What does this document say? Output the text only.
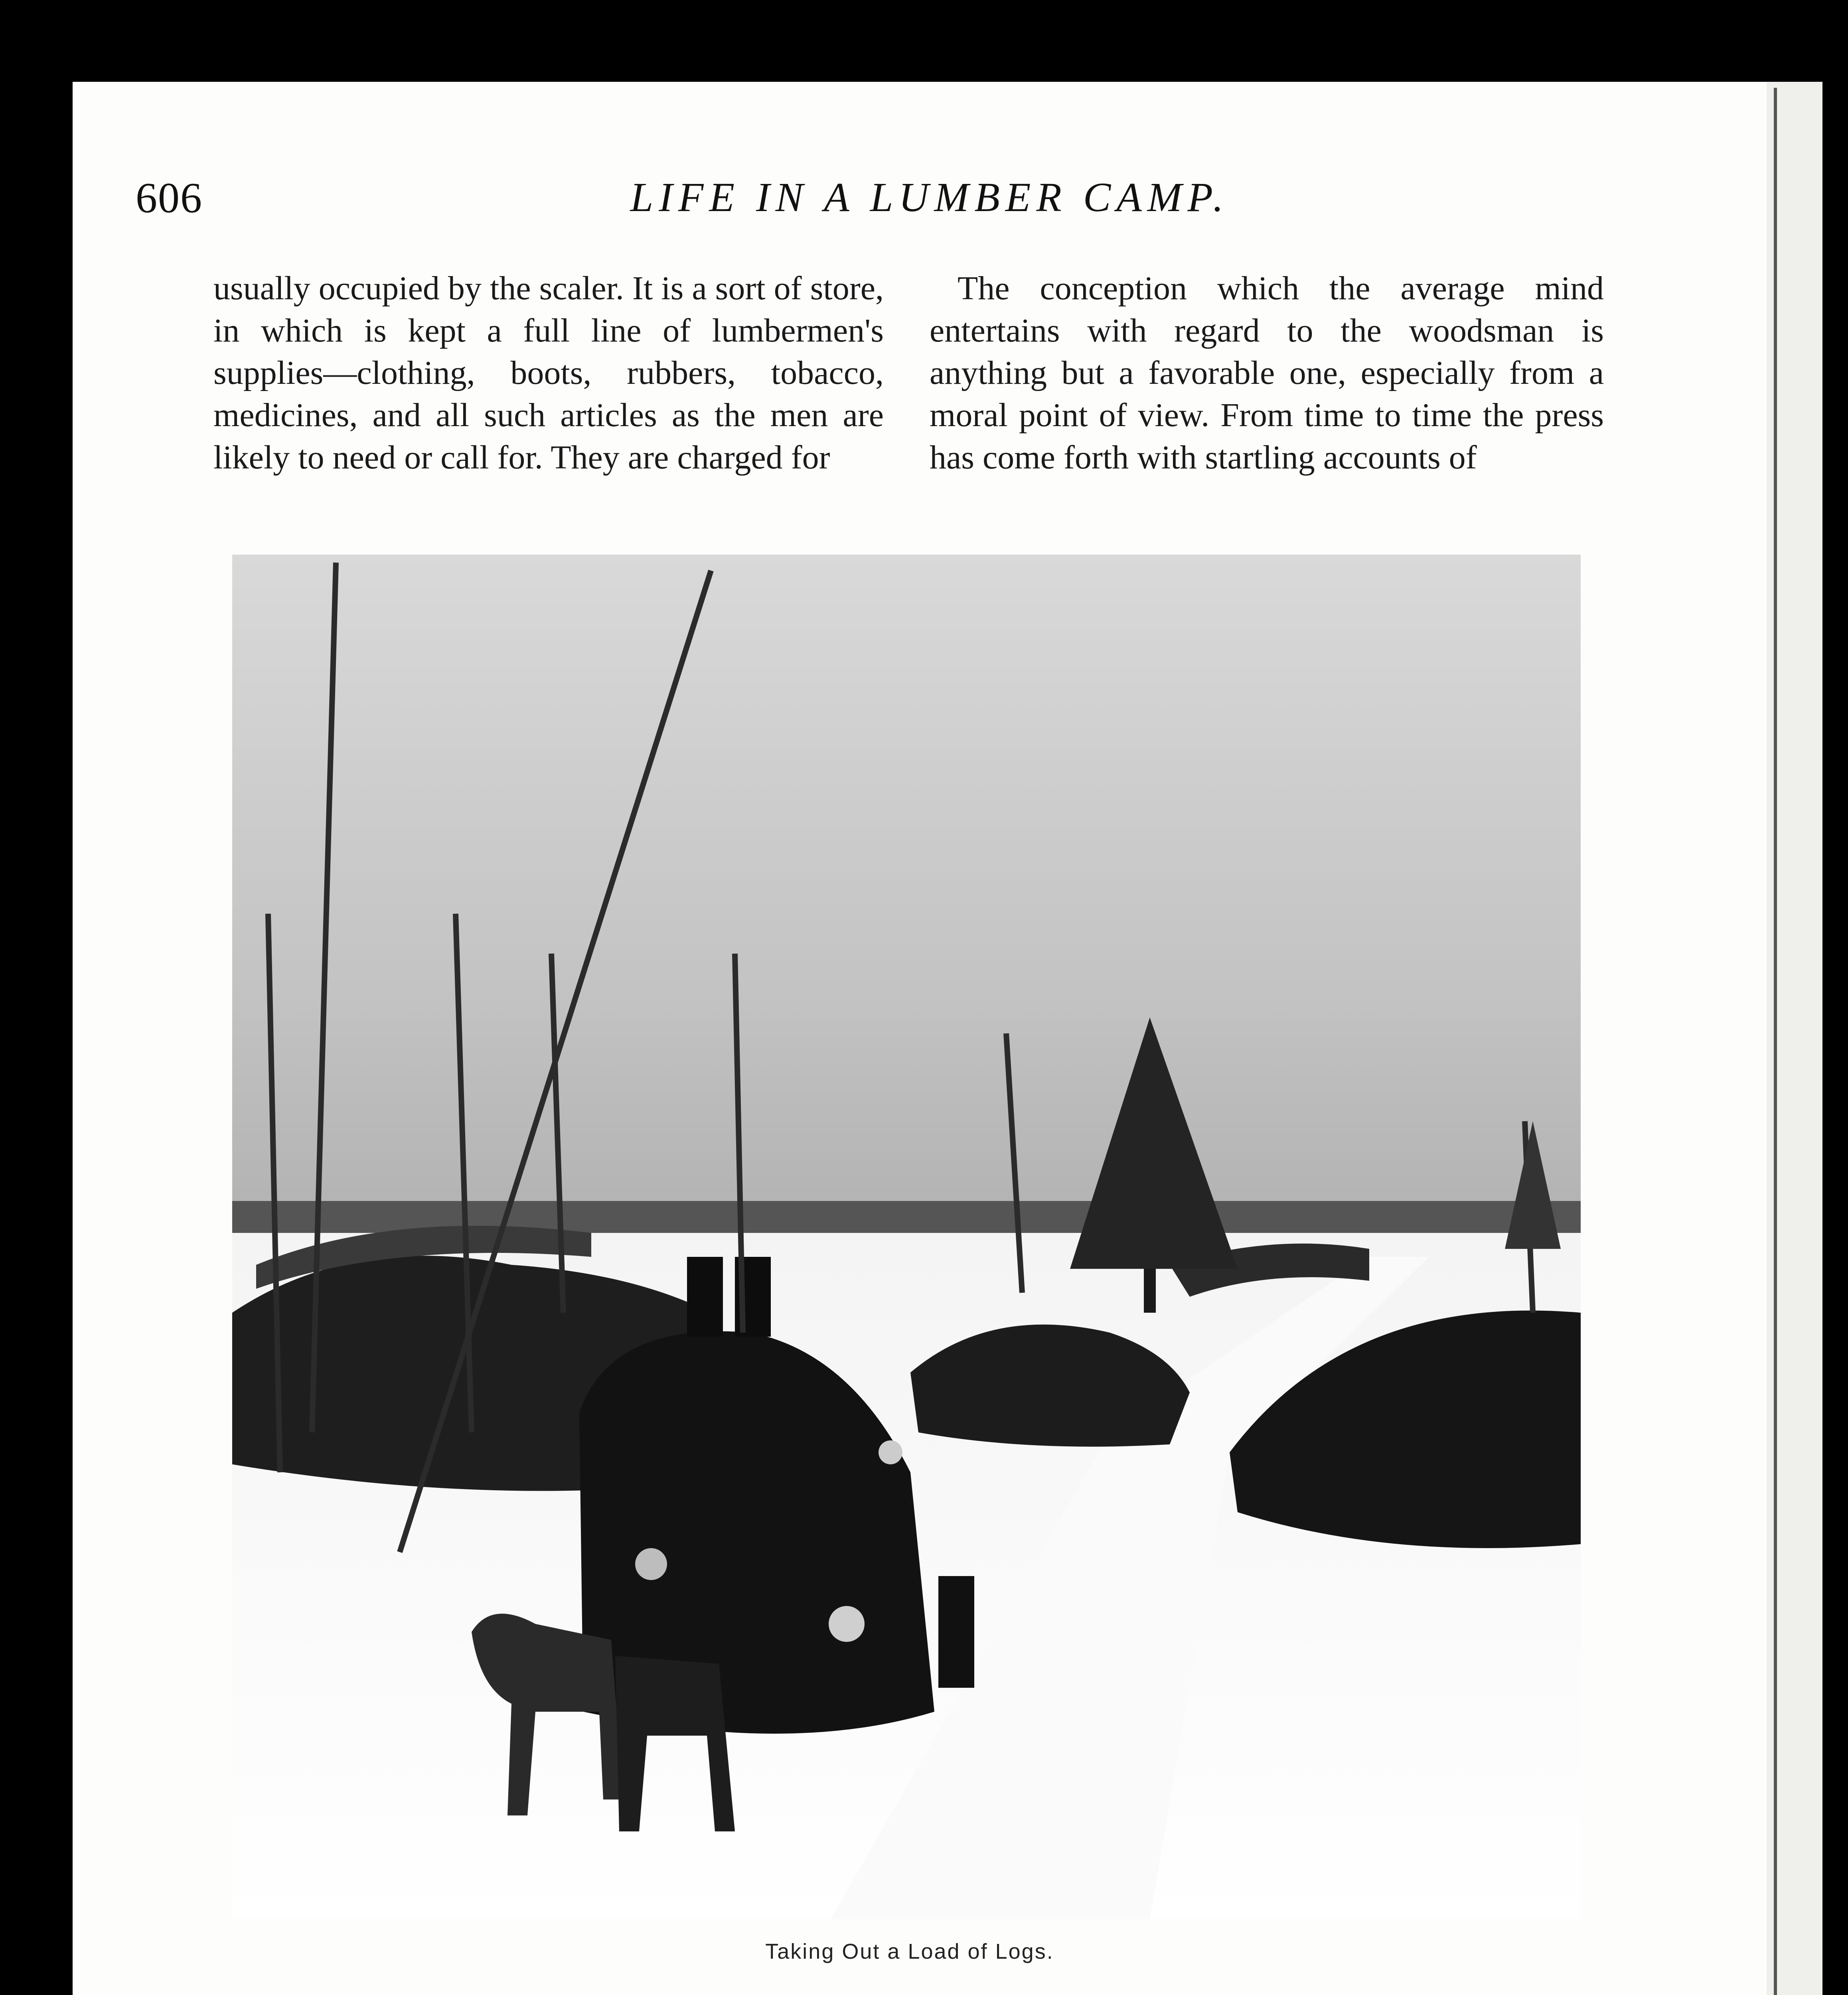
606	LIFE IN A LUMBER CAMP.

usually occupied by the scaler. It is a sort of store, in which is kept a full line of lumbermen's supplies—clothing, boots, rubbers, tobacco, medicines, and all such articles as the men are likely to need or call for. They are charged for

The conception which the average mind entertains with regard to the woodsman is anything but a favorable one, especially from a moral point of view. From time to time the press has come forth with startling accounts of

Taking Out a Load of Logs.
